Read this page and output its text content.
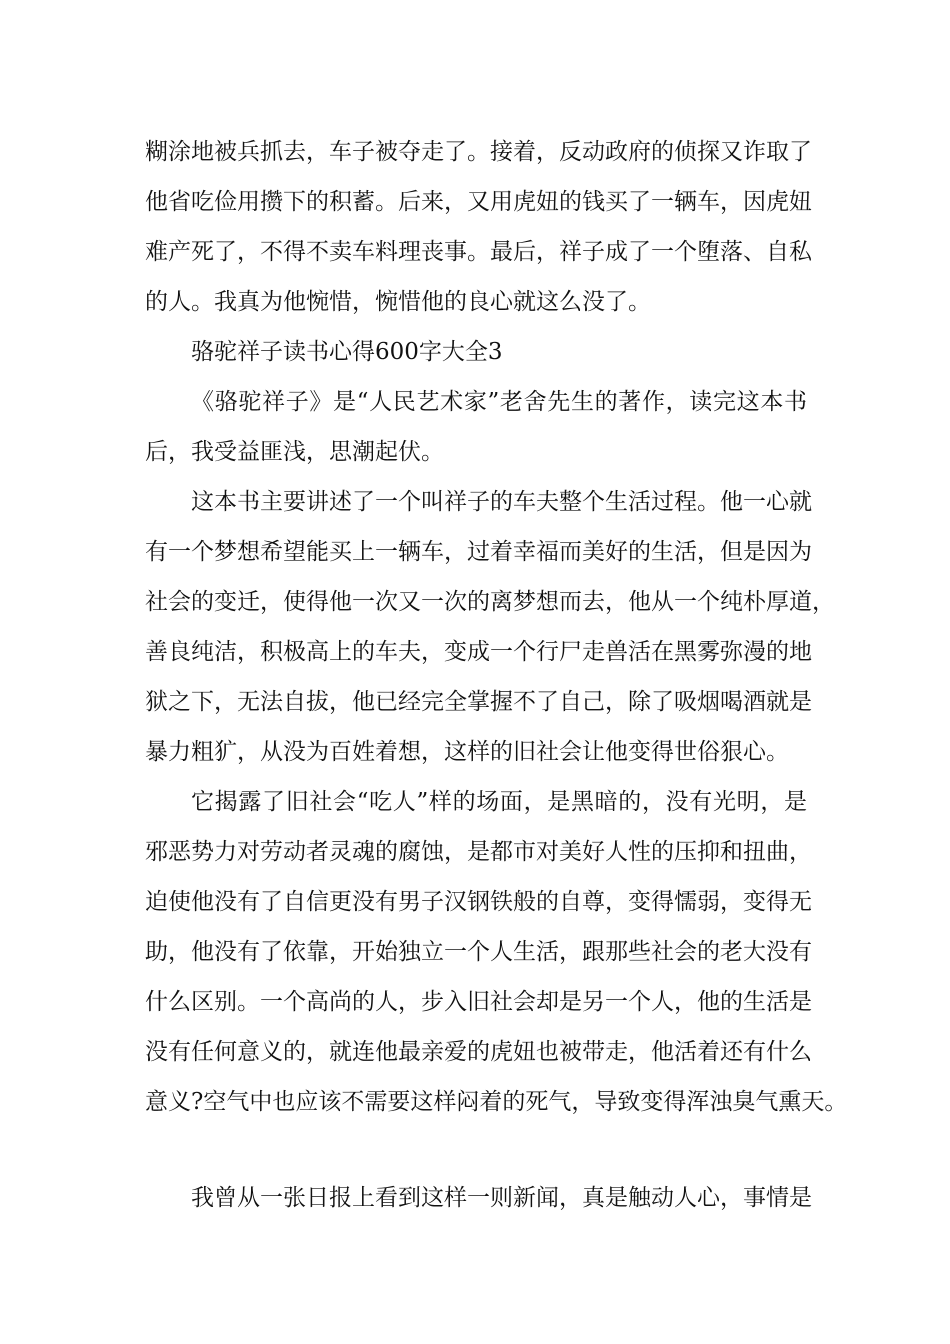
糊涂地被兵抓去，车子被夺走了。接着，反动政府的侦探又诈取了
他省吃俭用攒下的积蓄。后来，又用虎妞的钱买了一辆车，因虎妞
难产死了，不得不卖车料理丧事。最后，祥子成了一个堕落、自私
的人。我真为他惋惜，惋惜他的良心就这么没了。
骆驼祥子读书心得600字大全3
《骆驼祥子》是“人民艺术家”老舍先生的著作，读完这本书
后，我受益匪浅，思潮起伏。
这本书主要讲述了一个叫祥子的车夫整个生活过程。他一心就
有一个梦想希望能买上一辆车，过着幸福而美好的生活，但是因为
社会的变迁，使得他一次又一次的离梦想而去，他从一个纯朴厚道，
善良纯洁，积极高上的车夫，变成一个行尸走兽活在黑雾弥漫的地
狱之下，无法自拔，他已经完全掌握不了自己，除了吸烟喝酒就是
暴力粗犷，从没为百姓着想，这样的旧社会让他变得世俗狠心。
它揭露了旧社会“吃人”样的场面，是黑暗的，没有光明，是
邪恶势力对劳动者灵魂的腐蚀，是都市对美好人性的压抑和扭曲，
迫使他没有了自信更没有男子汉钢铁般的自尊，变得懦弱，变得无
助，他没有了依靠，开始独立一个人生活，跟那些社会的老大没有
什么区别。一个高尚的人，步入旧社会却是另一个人，他的生活是
没有任何意义的，就连他最亲爱的虎妞也被带走，他活着还有什么
意义?空气中也应该不需要这样闷着的死气，导致变得浑浊臭气熏天。
我曾从一张日报上看到这样一则新闻，真是触动人心，事情是
